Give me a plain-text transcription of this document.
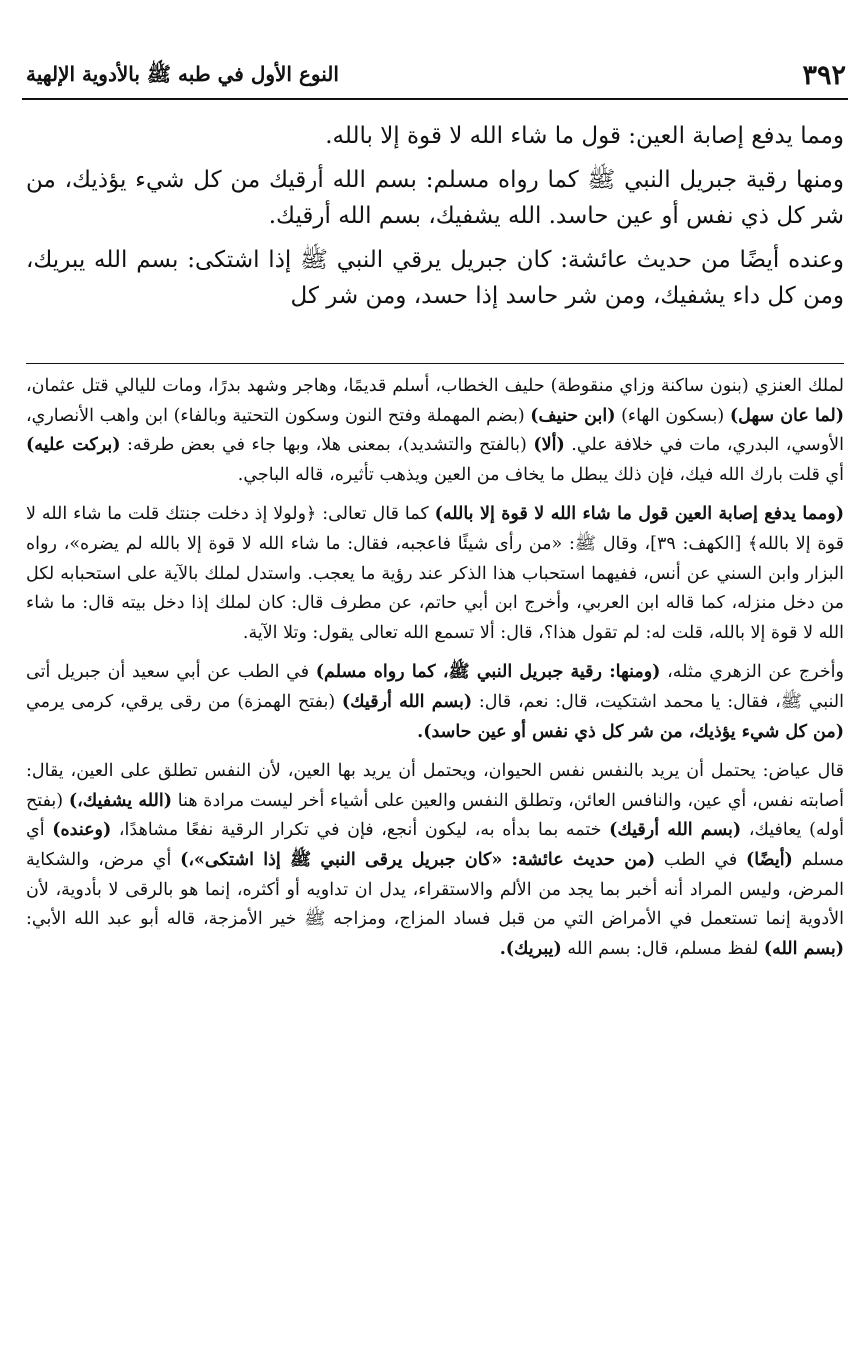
٣٩٢
النوع الأول في طبه ﷺ بالأدوية الإلهية

ومما يدفع إصابة العين: قول ما شاء الله لا قوة إلا بالله.

ومنها رقية جبريل النبي ﷺ كما رواه مسلم: بسم الله أرقيك من كل شيء يؤذيك، من شر كل ذي نفس أو عين حاسد. الله يشفيك، بسم الله أرقيك.

وعنده أيضًا من حديث عائشة: كان جبريل يرقي النبي ﷺ إذا اشتكى: بسم الله يبريك، ومن كل داء يشفيك، ومن شر حاسد إذا حسد، ومن شر كل

لملك العنزي (بنون ساكنة وزاي منقوطة) حليف الخطاب، أسلم قديمًا، وهاجر وشهد بدرًا، ومات لليالي قتل عثمان، (لما عان سهل) (بسكون الهاء) (ابن حنيف) (بضم المهملة وفتح النون وسكون التحتية وبالفاء) ابن واهب الأنصاري، الأوسي، البدري، مات في خلافة علي. (ألا) (بالفتح والتشديد)، بمعنى هلا، وبها جاء في بعض طرقه: (بركت عليه) أي قلت بارك الله فيك، فإن ذلك يبطل ما يخاف من العين ويذهب تأثيره، قاله الباجي.

(ومما يدفع إصابة العين قول ما شاء الله لا قوة إلا بالله) كما قال تعالى: ﴿ولولا إذ دخلت جنتك قلت ما شاء الله لا قوة إلا بالله﴾ [الكهف: ٣٩]، وقال ﷺ: «من رأى شيئًا فاعجبه، فقال: ما شاء الله لا قوة إلا بالله لم يضره»، رواه البزار وابن السني عن أنس، ففيهما استحباب هذا الذكر عند رؤية ما يعجب. واستدل لملك بالآية على استحبابه لكل من دخل منزله، كما قاله ابن العربي، وأخرج ابن أبي حاتم، عن مطرف قال: كان لملك إذا دخل بيته قال: ما شاء الله لا قوة إلا بالله، قلت له: لم تقول هذا؟، قال: ألا تسمع الله تعالى يقول: وتلا الآية.

وأخرج عن الزهري مثله، (ومنها: رقية جبريل النبي ﷺ، كما رواه مسلم) في الطب عن أبي سعيد أن جبريل أتى النبي ﷺ، فقال: يا محمد اشتكيت، قال: نعم، قال: (بسم الله أرقيك) (بفتح الهمزة) من رقى يرقي، كرمى يرمي (من كل شيء يؤذيك، من شر كل ذي نفس أو عين حاسد).

قال عياض: يحتمل أن يريد بالنفس نفس الحيوان، ويحتمل أن يريد بها العين، لأن النفس تطلق على العين، يقال: أصابته نفس، أي عين، والنافس العائن، وتطلق النفس والعين على أشياء أخر ليست مرادة هنا (الله يشفيك،) (بفتح أوله) يعافيك، (بسم الله أرقيك) ختمه بما بدأه به، ليكون أنجع، فإن في تكرار الرقية نفعًا مشاهدًا، (وعنده) أي مسلم (أيضًا) في الطب (من حديث عائشة: «كان جبريل يرقى النبي ﷺ إذا اشتكى»،) أي مرض، والشكاية المرض، وليس المراد أنه أخبر بما يجد من الألم والاستقراء، يدل ان تداويه أو أكثره، إنما هو بالرقى لا بأدوية، لأن الأدوية إنما تستعمل في الأمراض التي من قبل فساد المزاج، ومزاجه ﷺ خير الأمزجة، قاله أبو عبد الله الأبي: (بسم الله) لفظ مسلم، قال: بسم الله (يبريك).
